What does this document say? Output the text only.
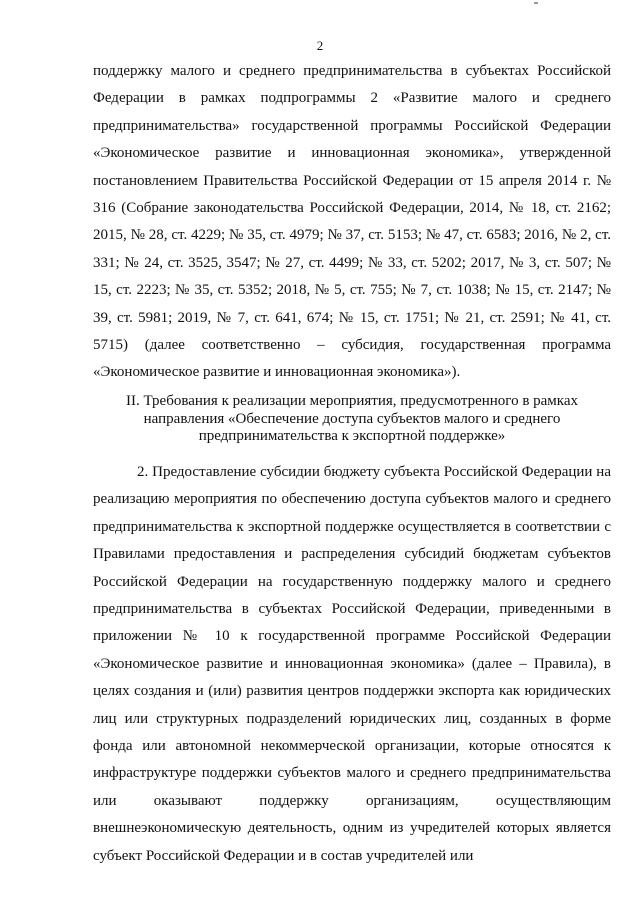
2

поддержку малого и среднего предпринимательства в субъектах Российской Федерации в рамках подпрограммы 2 «Развитие малого и среднего предпринимательства» государственной программы Российской Федерации «Экономическое развитие и инновационная экономика», утвержденной постановлением Правительства Российской Федерации от 15 апреля 2014 г. № 316 (Собрание законодательства Российской Федерации, 2014, № 18, ст. 2162; 2015, № 28, ст. 4229; № 35, ст. 4979; № 37, ст. 5153; № 47, ст. 6583; 2016, № 2, ст. 331; № 24, ст. 3525, 3547; № 27, ст. 4499; № 33, ст. 5202; 2017, № 3, ст. 507; № 15, ст. 2223; № 35, ст. 5352; 2018, № 5, ст. 755; № 7, ст. 1038; № 15, ст. 2147; № 39, ст. 5981; 2019, № 7, ст. 641, 674; № 15, ст. 1751; № 21, ст. 2591; № 41, ст. 5715) (далее соответственно – субсидия, государственная программа «Экономическое развитие и инновационная экономика»).

II. Требования к реализации мероприятия, предусмотренного в рамках направления «Обеспечение доступа субъектов малого и среднего предпринимательства к экспортной поддержке»

2. Предоставление субсидии бюджету субъекта Российской Федерации на реализацию мероприятия по обеспечению доступа субъектов малого и среднего предпринимательства к экспортной поддержке осуществляется в соответствии с Правилами предоставления и распределения субсидий бюджетам субъектов Российской Федерации на государственную поддержку малого и среднего предпринимательства в субъектах Российской Федерации, приведенными в приложении № 10 к государственной программе Российской Федерации «Экономическое развитие и инновационная экономика» (далее – Правила), в целях создания и (или) развития центров поддержки экспорта как юридических лиц или структурных подразделений юридических лиц, созданных в форме фонда или автономной некоммерческой организации, которые относятся к инфраструктуре поддержки субъектов малого и среднего предпринимательства или оказывают поддержку организациям, осуществляющим внешнеэкономическую деятельность, одним из учредителей которых является субъект Российской Федерации и в состав учредителей или
